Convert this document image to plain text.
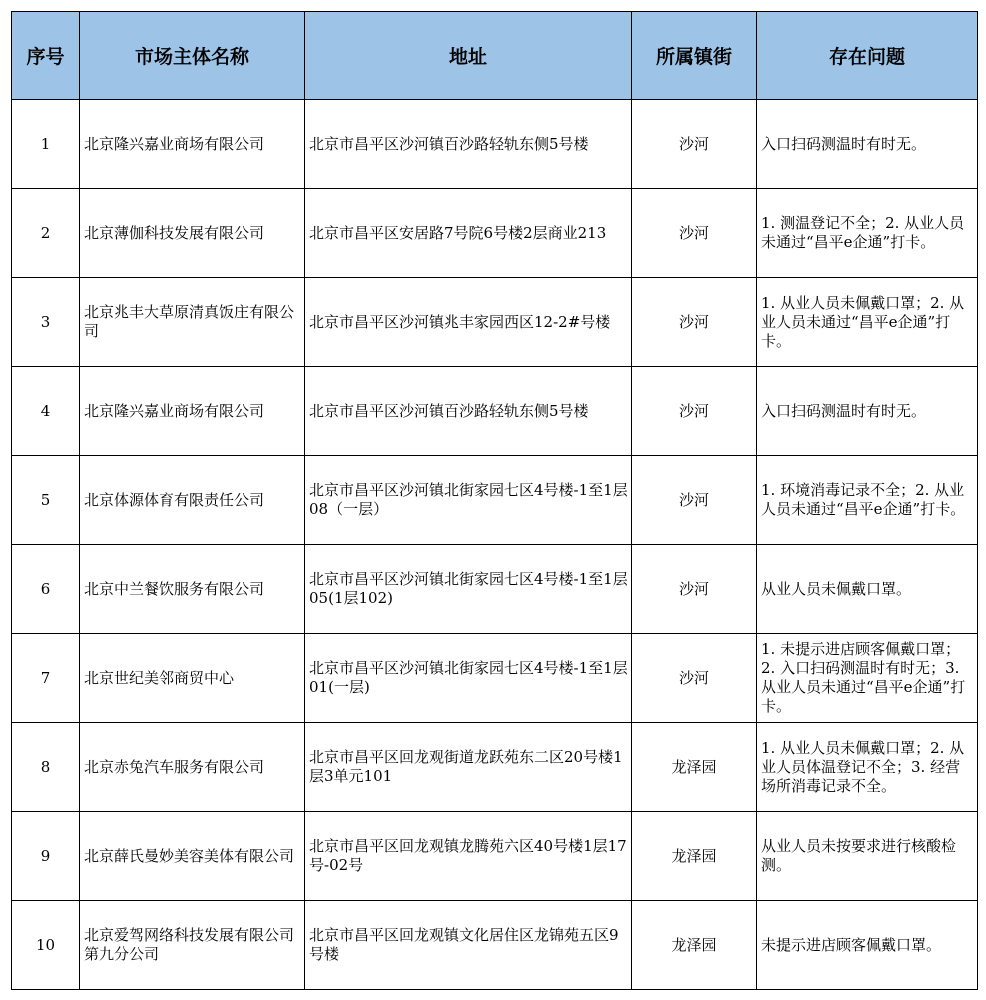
序号	市场主体名称	地址	所属镇街	存在问题
1	北京隆兴嘉业商场有限公司	北京市昌平区沙河镇百沙路轻轨东侧5号楼	沙河	入口扫码测温时有时无。
2	北京薄伽科技发展有限公司	北京市昌平区安居路7号院6号楼2层商业213	沙河	1. 测温登记不全；2. 从业人员未通过“昌平e企通”打卡。
3	北京兆丰大草原清真饭庄有限公司	北京市昌平区沙河镇兆丰家园西区12-2#号楼	沙河	1. 从业人员未佩戴口罩；2. 从业人员未通过“昌平e企通”打卡。
4	北京隆兴嘉业商场有限公司	北京市昌平区沙河镇百沙路轻轨东侧5号楼	沙河	入口扫码测温时有时无。
5	北京体源体育有限责任公司	北京市昌平区沙河镇北街家园七区4号楼-1至1层08（一层）	沙河	1. 环境消毒记录不全；2. 从业人员未通过“昌平e企通”打卡。
6	北京中兰餐饮服务有限公司	北京市昌平区沙河镇北街家园七区4号楼-1至1层05(1层102)	沙河	从业人员未佩戴口罩。
7	北京世纪美邻商贸中心	北京市昌平区沙河镇北街家园七区4号楼-1至1层01(一层)	沙河	1. 未提示进店顾客佩戴口罩；2. 入口扫码测温时有时无；3. 从业人员未通过“昌平e企通”打卡。
8	北京赤兔汽车服务有限公司	北京市昌平区回龙观街道龙跃苑东二区20号楼1层3单元101	龙泽园	1. 从业人员未佩戴口罩；2. 从业人员体温登记不全；3. 经营场所消毒记录不全。
9	北京薛氏曼妙美容美体有限公司	北京市昌平区回龙观镇龙腾苑六区40号楼1层17号-02号	龙泽园	从业人员未按要求进行核酸检测。
10	北京爱驾网络科技发展有限公司第九分公司	北京市昌平区回龙观镇文化居住区龙锦苑五区9号楼	龙泽园	未提示进店顾客佩戴口罩。
